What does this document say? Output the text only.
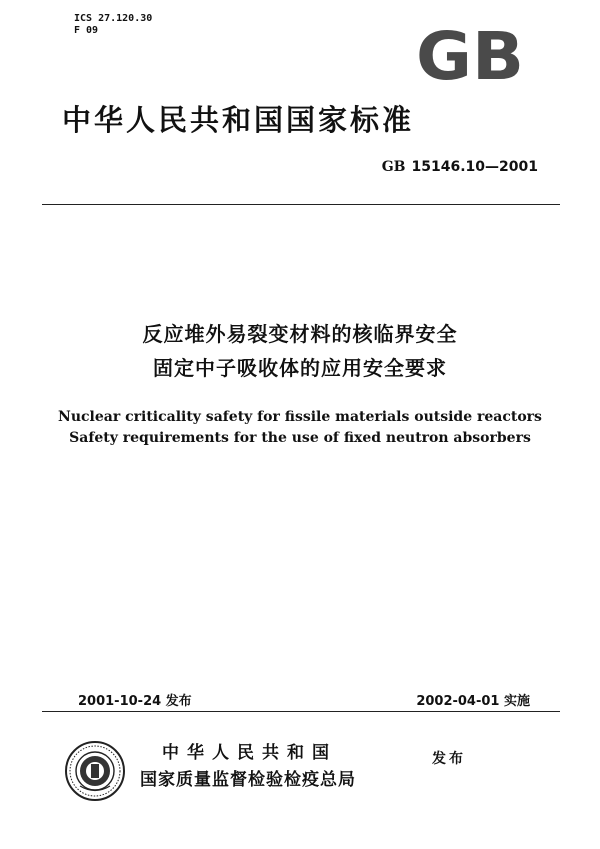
ICS 27.120.30
F 09	GB
中华人民共和国国家标准
GB 15146.10—2001
反应堆外易裂变材料的核临界安全
固定中子吸收体的应用安全要求
Nuclear criticality safety for fissile materials outside reactors
Safety requirements for the use of fixed neutron absorbers
2001-10-24 发布	2002-04-01 实施
中华人民共和国
国家质量监督检验检疫总局
发布
